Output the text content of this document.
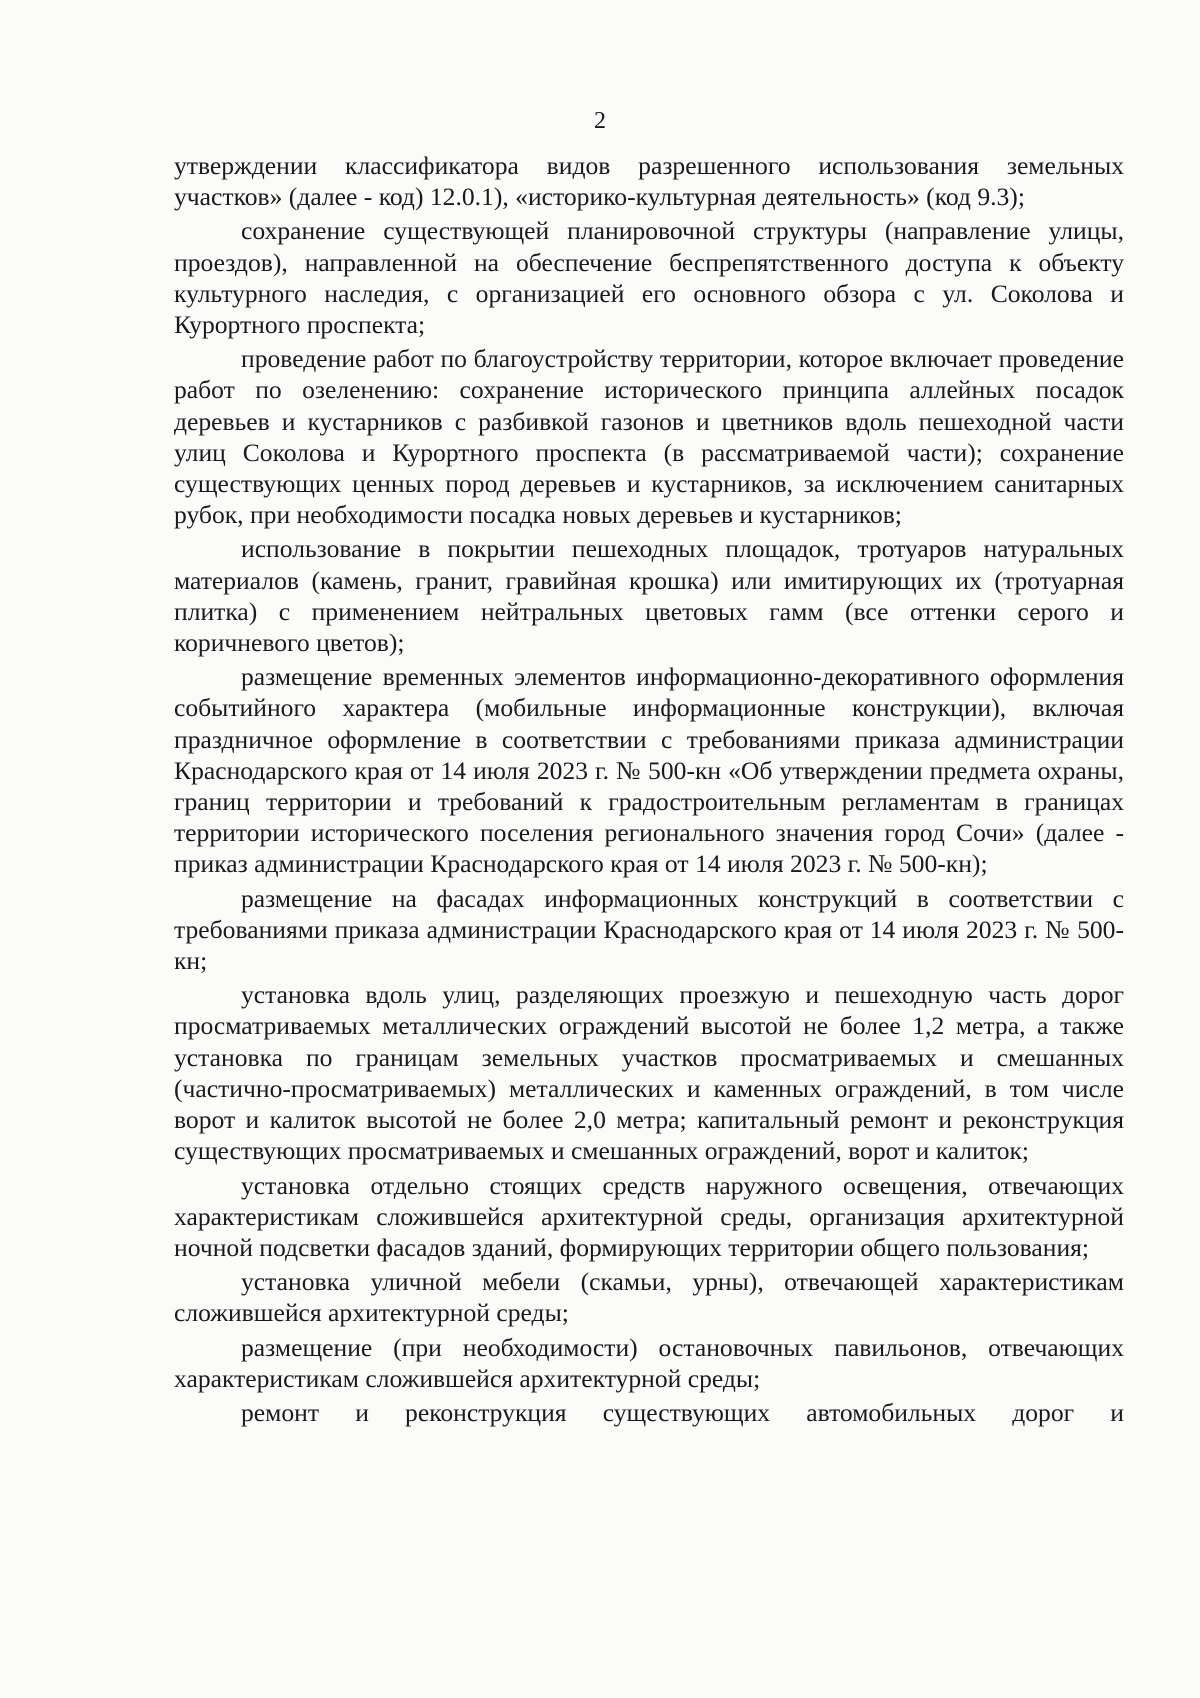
2

утверждении классификатора видов разрешенного использования земельных участков» (далее - код) 12.0.1), «историко-культурная деятельность» (код 9.3);

сохранение существующей планировочной структуры (направление улицы, проездов), направленной на обеспечение беспрепятственного доступа к объекту культурного наследия, с организацией его основного обзора с ул. Соколова и Курортного проспекта;

проведение работ по благоустройству территории, которое включает проведение работ по озеленению: сохранение исторического принципа аллейных посадок деревьев и кустарников с разбивкой газонов и цветников вдоль пешеходной части улиц Соколова и Курортного проспекта (в рассматриваемой части); сохранение существующих ценных пород деревьев и кустарников, за исключением санитарных рубок, при необходимости посадка новых деревьев и кустарников;

использование в покрытии пешеходных площадок, тротуаров натуральных материалов (камень, гранит, гравийная крошка) или имитирующих их (тротуарная плитка) с применением нейтральных цветовых гамм (все оттенки серого и коричневого цветов);

размещение временных элементов информационно-декоративного оформления событийного характера (мобильные информационные конструкции), включая праздничное оформление в соответствии с требованиями приказа администрации Краснодарского края от 14 июля 2023 г. № 500-кн «Об утверждении предмета охраны, границ территории и требований к градостроительным регламентам в границах территории исторического поселения регионального значения город Сочи» (далее - приказ администрации Краснодарского края от 14 июля 2023 г. № 500-кн);

размещение на фасадах информационных конструкций в соответствии с требованиями приказа администрации Краснодарского края от 14 июля 2023 г. № 500-кн;

установка вдоль улиц, разделяющих проезжую и пешеходную часть дорог просматриваемых металлических ограждений высотой не более 1,2 метра, а также установка по границам земельных участков просматриваемых и смешанных (частично-просматриваемых) металлических и каменных ограждений, в том числе ворот и калиток высотой не более 2,0 метра; капитальный ремонт и реконструкция существующих просматриваемых и смешанных ограждений, ворот и калиток;

установка отдельно стоящих средств наружного освещения, отвечающих характеристикам сложившейся архитектурной среды, организация архитектурной ночной подсветки фасадов зданий, формирующих территории общего пользования;

установка уличной мебели (скамьи, урны), отвечающей характеристикам сложившейся архитектурной среды;

размещение (при необходимости) остановочных павильонов, отвечающих характеристикам сложившейся архитектурной среды;

ремонт и реконструкция существующих автомобильных дорог и
